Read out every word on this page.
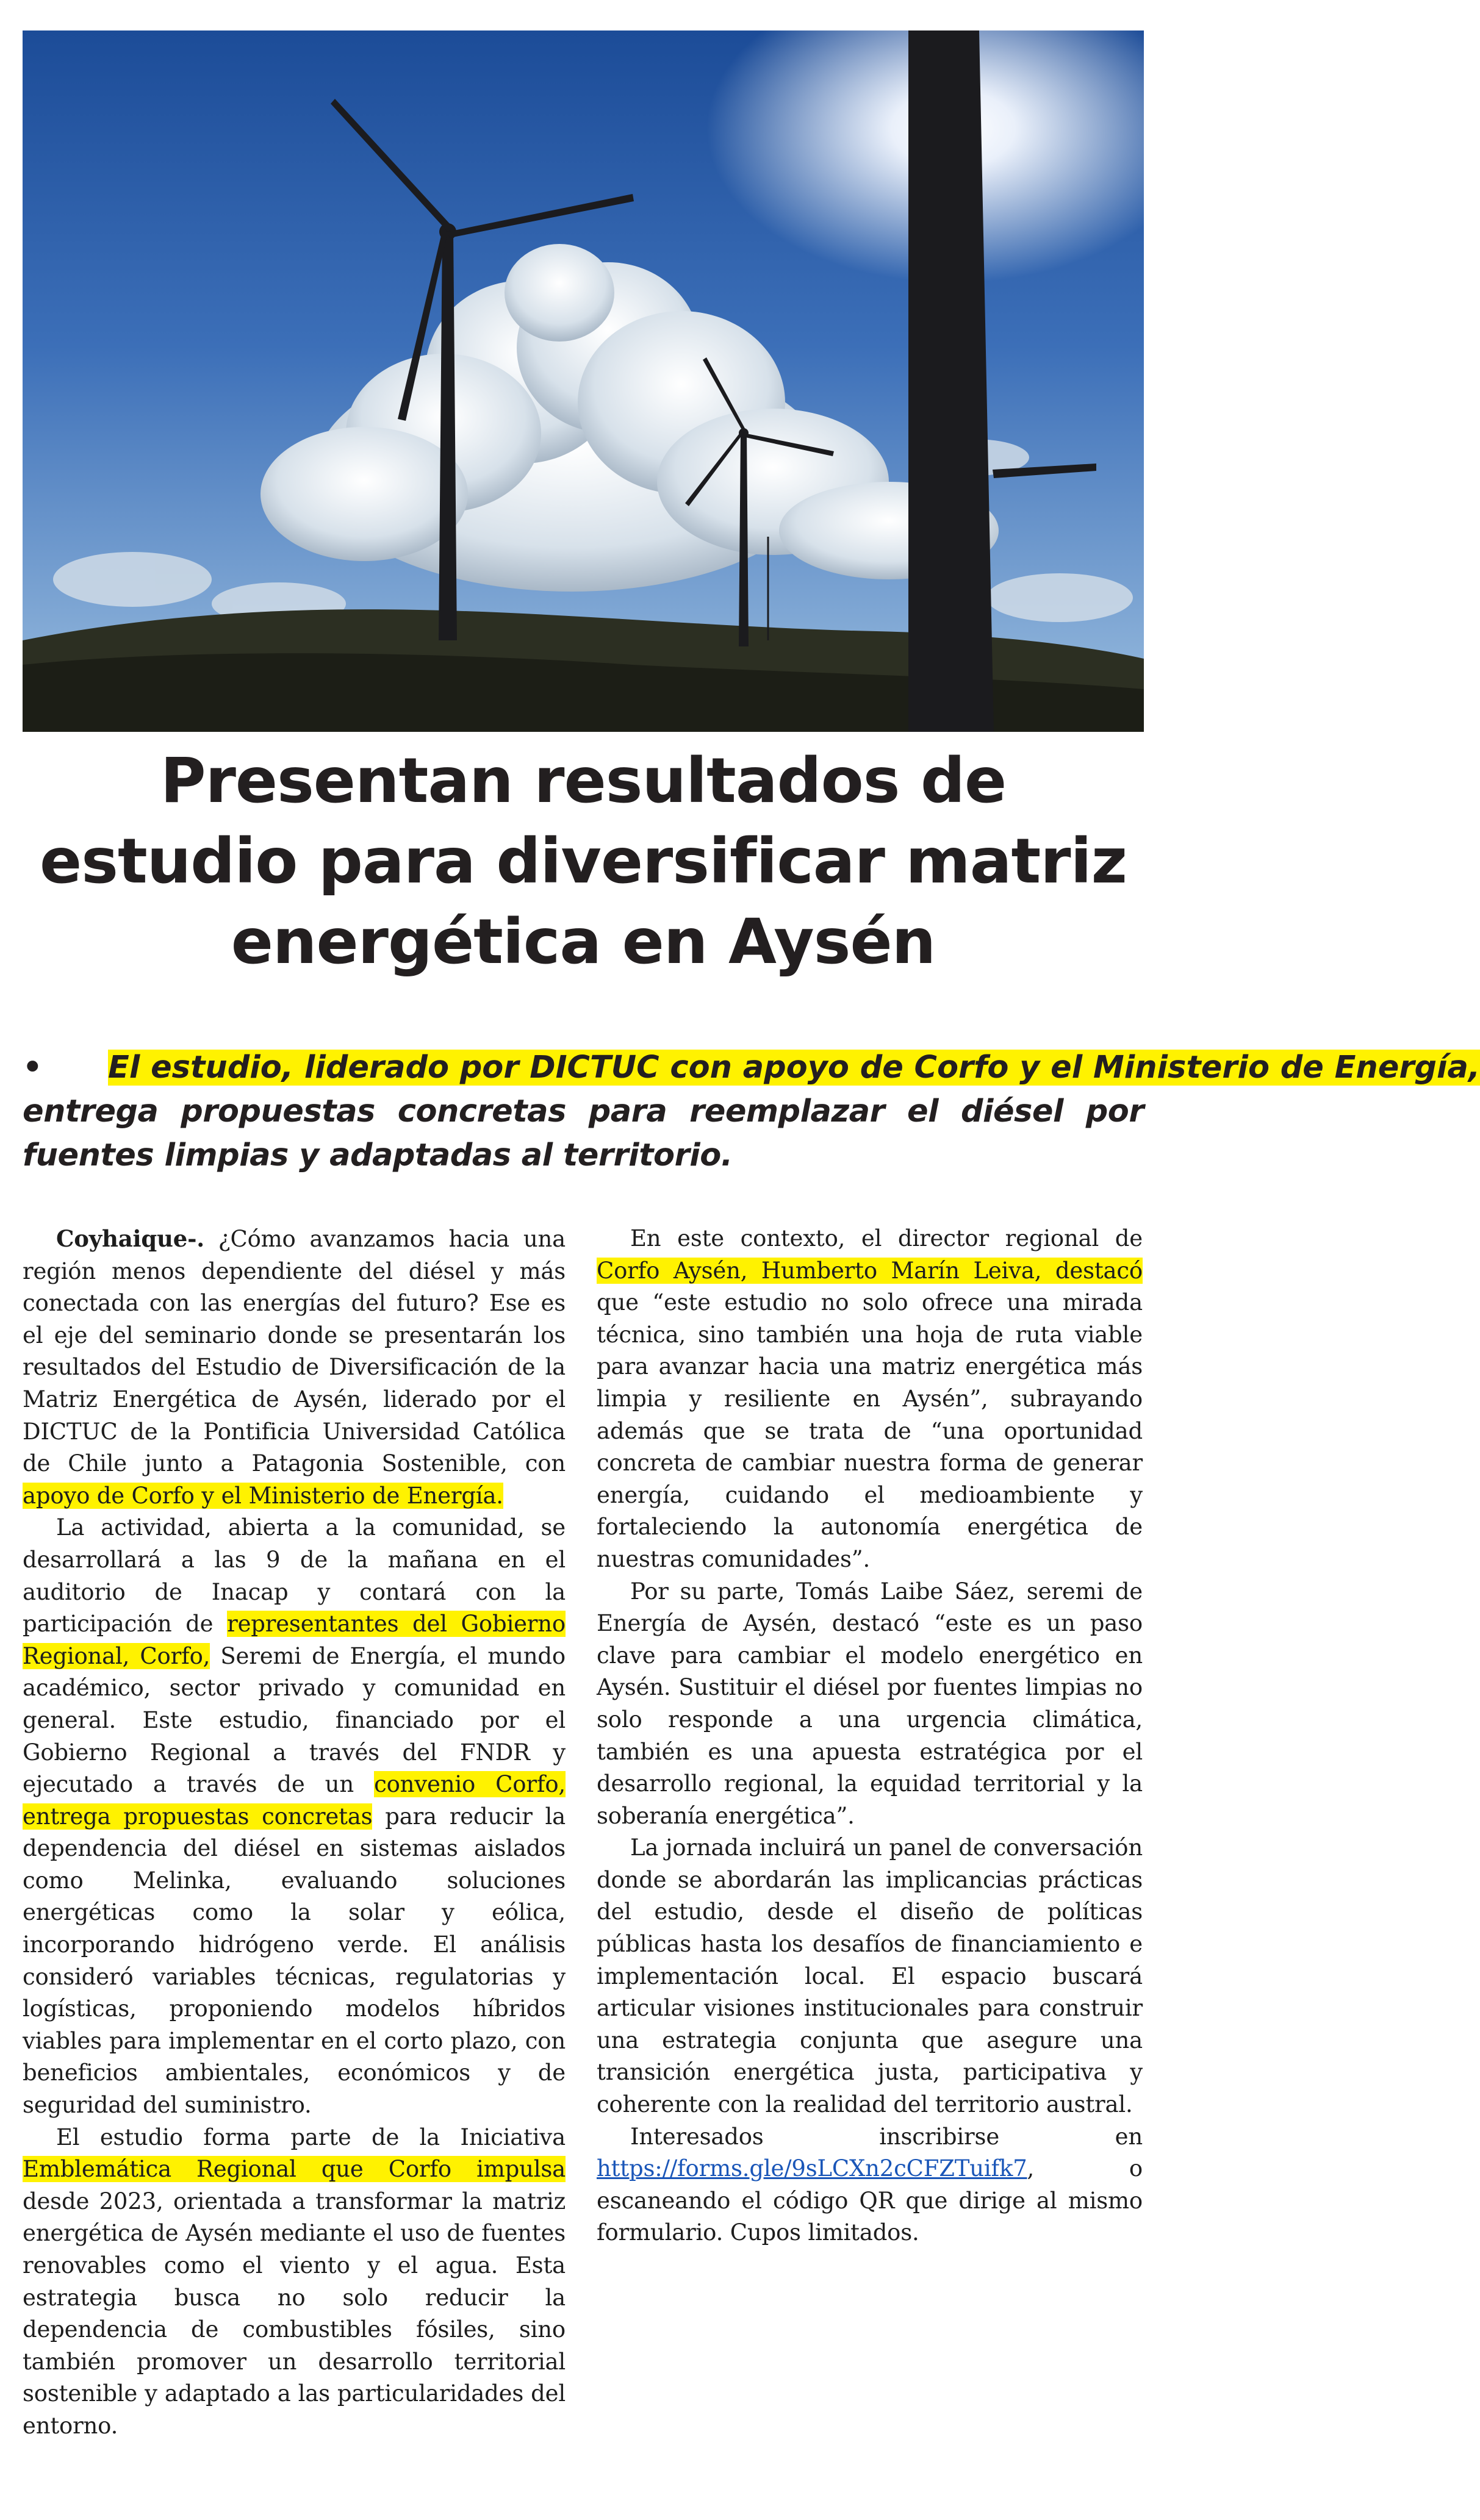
Presentan resultados de
estudio para diversificar matriz
energética en Aysén
• El estudio, liderado por DICTUC con apoyo de Corfo y el Ministerio de Energía,
entrega propuestas concretas para reemplazar el diésel por fuentes limpias y adaptadas al territorio.

Coyhaique-. ¿Cómo avanzamos hacia una región menos dependiente del diésel y más conectada con las energías del futuro? Ese es el eje del seminario donde se presentarán los resultados del Estudio de Diversificación de la Matriz Energética de Aysén, liderado por el DICTUC de la Pontificia Universidad Católica de Chile junto a Patagonia Sostenible, con apoyo de Corfo y el Ministerio de Energía.

La actividad, abierta a la comunidad, se desarrollará a las 9 de la mañana en el auditorio de Inacap y contará con la participación de representantes del Gobierno Regional, Corfo, Seremi de Energía, el mundo académico, sector privado y comunidad en general. Este estudio, financiado por el Gobierno Regional a través del FNDR y ejecutado a través de un convenio Corfo, entrega propuestas concretas para reducir la dependencia del diésel en sistemas aislados como Melinka, evaluando soluciones energéticas como la solar y eólica, incorporando hidrógeno verde. El análisis consideró variables técnicas, regulatorias y logísticas, proponiendo modelos híbridos viables para implementar en el corto plazo, con beneficios ambientales, económicos y de seguridad del suministro.

El estudio forma parte de la Iniciativa Emblemática Regional que Corfo impulsa desde 2023, orientada a transformar la matriz energética de Aysén mediante el uso de fuentes renovables como el viento y el agua. Esta estrategia busca no solo reducir la dependencia de combustibles fósiles, sino también promover un desarrollo territorial sostenible y adaptado a las particularidades del entorno.

En este contexto, el director regional de Corfo Aysén, Humberto Marín Leiva, destacó que “este estudio no solo ofrece una mirada técnica, sino también una hoja de ruta viable para avanzar hacia una matriz energética más limpia y resiliente en Aysén”, subrayando además que se trata de “una oportunidad concreta de cambiar nuestra forma de generar energía, cuidando el medioambiente y fortaleciendo la autonomía energética de nuestras comunidades”.

Por su parte, Tomás Laibe Sáez, seremi de Energía de Aysén, destacó “este es un paso clave para cambiar el modelo energético en Aysén. Sustituir el diésel por fuentes limpias no solo responde a una urgencia climática, también es una apuesta estratégica por el desarrollo regional, la equidad territorial y la soberanía energética”.

La jornada incluirá un panel de conversación donde se abordarán las implicancias prácticas del estudio, desde el diseño de políticas públicas hasta los desafíos de financiamiento e implementación local. El espacio buscará articular visiones institucionales para construir una estrategia conjunta que asegure una transición energética justa, participativa y coherente con la realidad del territorio austral.

Interesados inscribirse en https://forms.gle/9sLCXn2cCFZTuifk7, o escaneando el código QR que dirige al mismo formulario. Cupos limitados.
